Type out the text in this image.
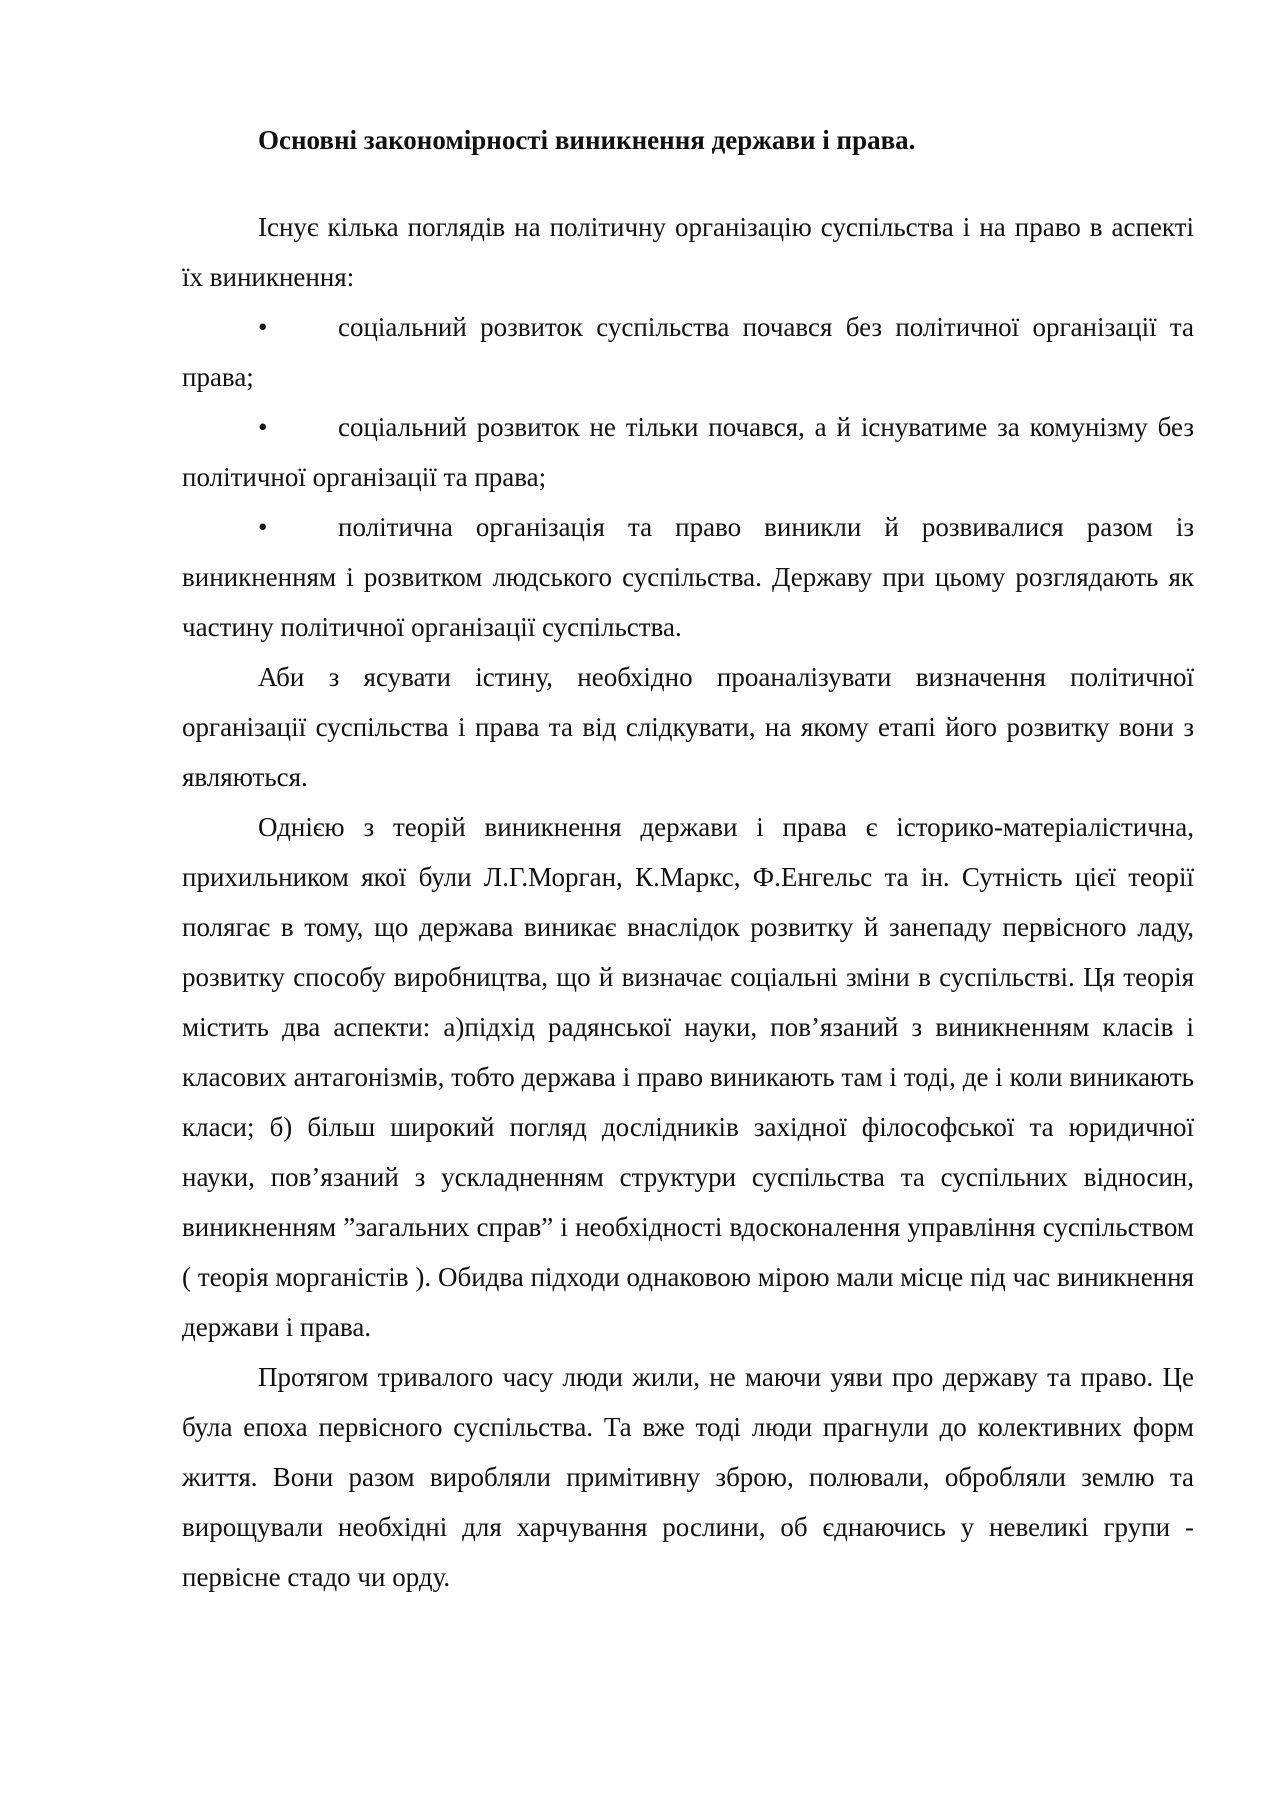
Основні закономірності виникнення держави і права.

Існує кілька поглядів на політичну організацію суспільства і на право в аспекті їх виникнення:

•	соціальний розвиток суспільства почався без політичної організації та права;

•	соціальний розвиток не тільки почався, а й існуватиме за комунізму без політичної організації та права;

•	політична організація та право виникли й розвивалися разом із виникненням і розвитком людського суспільства. Державу при цьому розглядають як частину політичної організації суспільства.

Аби з ясувати істину, необхідно проаналізувати визначення політичної організації суспільства і права та від слідкувати, на якому етапі його розвитку вони з являються.

Однією з теорій виникнення держави і права є історико-матеріалістична, прихильником якої були Л.Г.Морган, К.Маркс, Ф.Енгельс та ін. Сутність цієї теорії полягає в тому, що держава виникає внаслідок розвитку й занепаду первісного ладу, розвитку способу виробництва, що й визначає соціальні зміни в суспільстві. Ця теорія містить два аспекти: а)підхід радянської науки, пов’язаний з виникненням класів і класових антагонізмів, тобто держава і право виникають там і тоді, де і коли виникають класи; б) більш широкий погляд дослідників західної філософської та юридичної науки, пов’язаний з ускладненням структури суспільства та суспільних відносин, виникненням ”загальних справ” і необхідності вдосконалення управління суспільством ( теорія морганістів ). Обидва підходи однаковою мірою мали місце під час виникнення держави і права.

Протягом тривалого часу люди жили, не маючи уяви про державу та право. Це була епоха первісного суспільства. Та вже тоді люди прагнули до колективних форм життя. Вони разом виробляли примітивну зброю, полювали, обробляли землю та вирощували необхідні для харчування рослини, об єднаючись у невеликі групи - первісне стадо чи орду.
